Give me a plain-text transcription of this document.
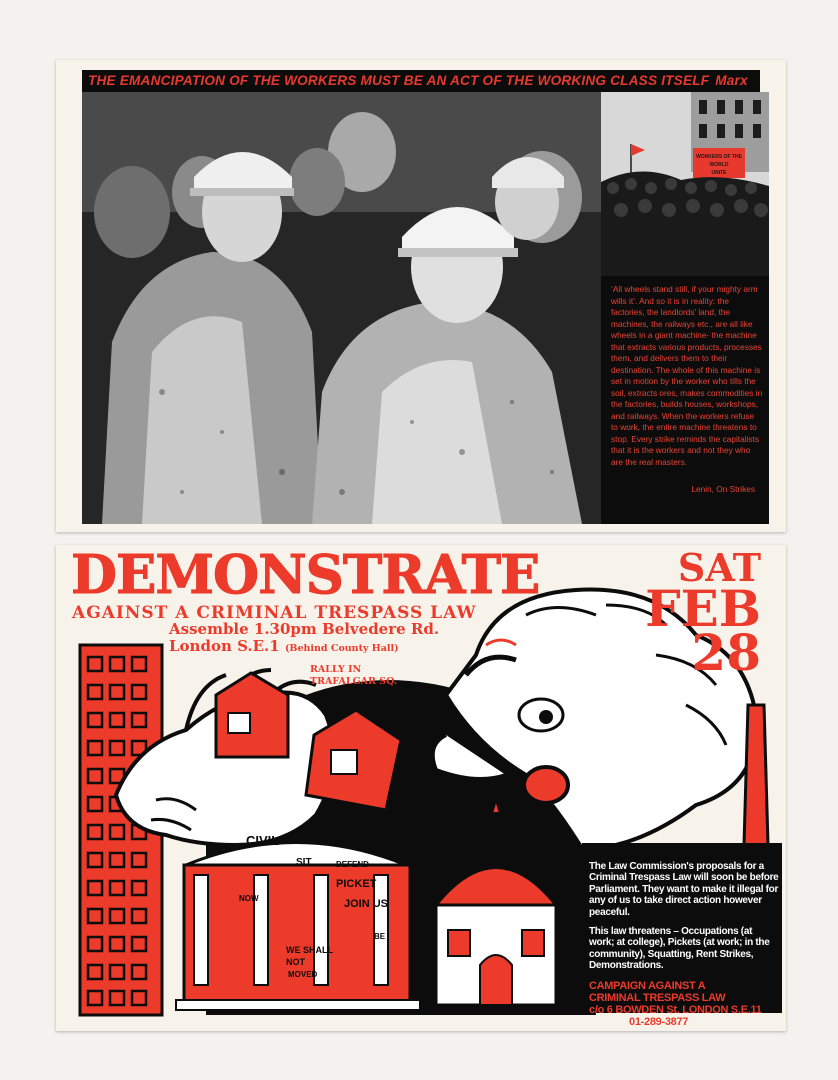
THE EMANCIPATION OF THE WORKERS MUST BE AN ACT OF THE WORKING CLASS ITSELF Marx
WORKERS OF THE
WORLD
UNITE
‘All wheels stand still, if your mighty arm wills it’. And so it is in reality: the factories, the landlords’ land, the machines, the railways etc., are all like wheels in a giant machine- the machine that extracts various products, processes them, and delivers them to their destination. The whole of this machine is set in motion by the worker who tills the soil, extracts ores, makes commodities in the factories, builds houses, workshops, and railways. When the workers refuse to work, the entire machine threatens to stop. Every strike reminds the capitalists that it is the workers and not they who are the real masters.
Lenin, On Strikes
CIVIL
SIT	DEFEND
PICKET
JOIN US
WE SHALL
NOT
MOVED
NOW
BE
DEMONSTRATE
AGAINST A CRIMINAL TRESPASS LAW
Assemble 1.30pm Belvedere Rd.
London S.E.1 (Behind County Hall)
RALLY IN TRAFALGAR SQ.
SAT
FEB
28

The Law Commission's proposals for a Criminal Trespass Law will soon be before Parliament. They want to make it illegal for any of us to take direct action however peaceful.

This law threatens – Occupations (at work; at college), Pickets (at work; in the community), Squatting, Rent Strikes, Demonstrations.

CAMPAIGN AGAINST A
CRIMINAL TRESPASS LAW
c/o 6 BOWDEN St. LONDON S.E.11
01-289-3877
